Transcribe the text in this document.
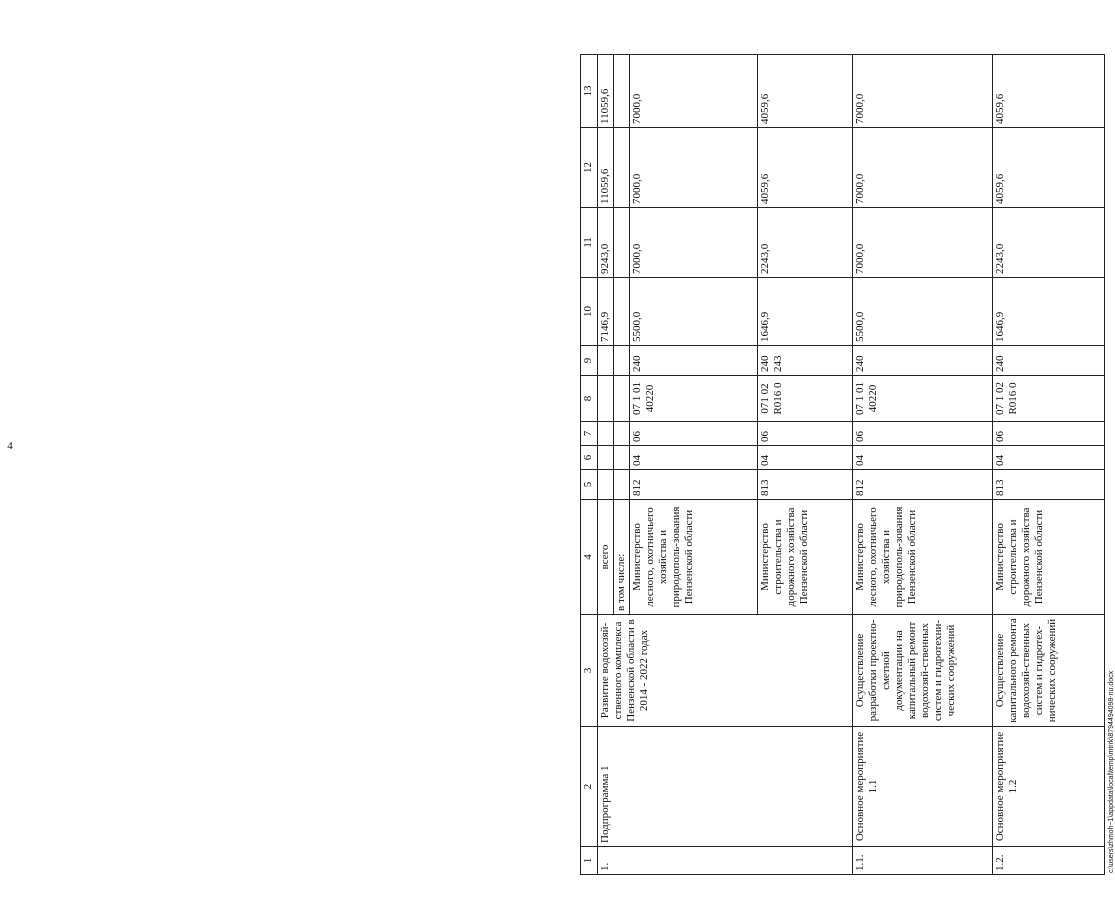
4
1	2	3	4	5	6	7	8	9	10	11	12	13
1.	Подпрограмма 1	Развитие водохозяй-ственного комплекса Пензенской области в 2014 - 2022 годах	всего						7146,9	9243,0	11059,6	11059,6
			в том числе:									
			Министерство лесного, охотничьего хозяйства и природополь-зования Пензенской области	812	04	06	07 1 01 40220	240	5500,0	7000,0	7000,0	7000,0
			Министерство строительства и дорожного хозяйства Пензенской области	813	04	06	071 02 R016 0	240 243	1646,9	2243,0	4059,6	4059,6
1.1.	Основное мероприятие 1.1	Осуществление разработки проектно-сметной документации на капитальный ремонт водохозяй-ственных систем и гидротехни-ческих сооружений	Министерство лесного, охотничьего хозяйства и природополь-зования Пензенской области	812	04	06	07 1 01 40220	240	5500,0	7000,0	7000,0	7000,0
1.2.	Основное мероприятие 1.2	Осуществление капитального ремонта водохозяй-ственных систем и гидротех-нических сооружений	Министерство строительства и дорожного хозяйства Пензенской области	813	04	06	07 1 02 R016 0	240	1646,9	2243,0	4059,6	4059,6
c:\users\zhmoh~1\appdata\local\temp\mtrrk\8794494098-nu.docx
